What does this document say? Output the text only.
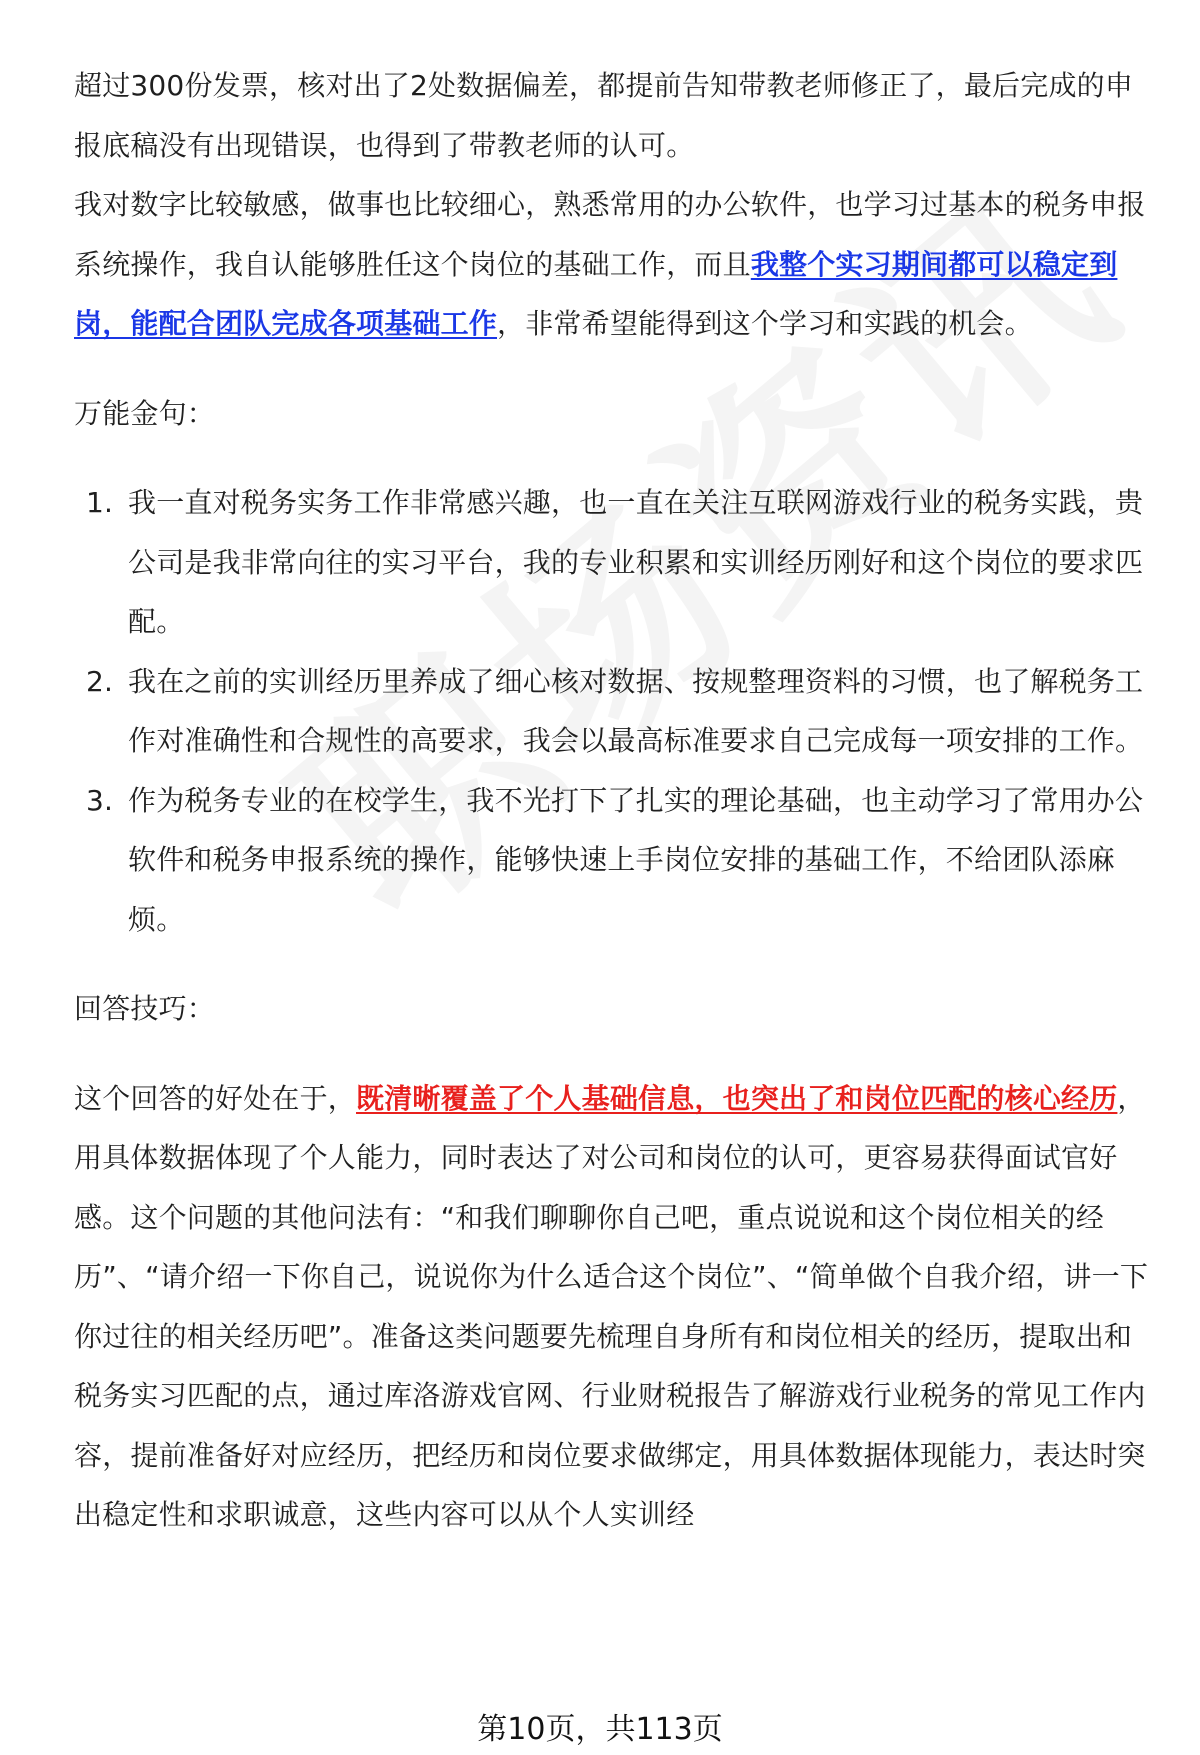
超过300份发票，核对出了2处数据偏差，都提前告知带教老师修正了，最后完成的申报底稿没有出现错误，也得到了带教老师的认可。

我对数字比较敏感，做事也比较细心，熟悉常用的办公软件，也学习过基本的税务申报系统操作，我自认能够胜任这个岗位的基础工作，而且我整个实习期间都可以稳定到岗，能配合团队完成各项基础工作，非常希望能得到这个学习和实践的机会。

万能金句：

1. 我一直对税务实务工作非常感兴趣，也一直在关注互联网游戏行业的税务实践，贵公司是我非常向往的实习平台，我的专业积累和实训经历刚好和这个岗位的要求匹配。
2. 我在之前的实训经历里养成了细心核对数据、按规整理资料的习惯，也了解税务工作对准确性和合规性的高要求，我会以最高标准要求自己完成每一项安排的工作。
3. 作为税务专业的在校学生，我不光打下了扎实的理论基础，也主动学习了常用办公软件和税务申报系统的操作，能够快速上手岗位安排的基础工作，不给团队添麻烦。

回答技巧：

这个回答的好处在于，既清晰覆盖了个人基础信息，也突出了和岗位匹配的核心经历，用具体数据体现了个人能力，同时表达了对公司和岗位的认可，更容易获得面试官好感。这个问题的其他问法有：“和我们聊聊你自己吧，重点说说和这个岗位相关的经历”、“请介绍一下你自己，说说你为什么适合这个岗位”、“简单做个自我介绍，讲一下你过往的相关经历吧”。准备这类问题要先梳理自身所有和岗位相关的经历，提取出和税务实习匹配的点，通过库洛游戏官网、行业财税报告了解游戏行业税务的常见工作内容，提前准备好对应经历，把经历和岗位要求做绑定，用具体数据体现能力，表达时突出稳定性和求职诚意，这些内容可以从个人实训经

第10页，共113页
